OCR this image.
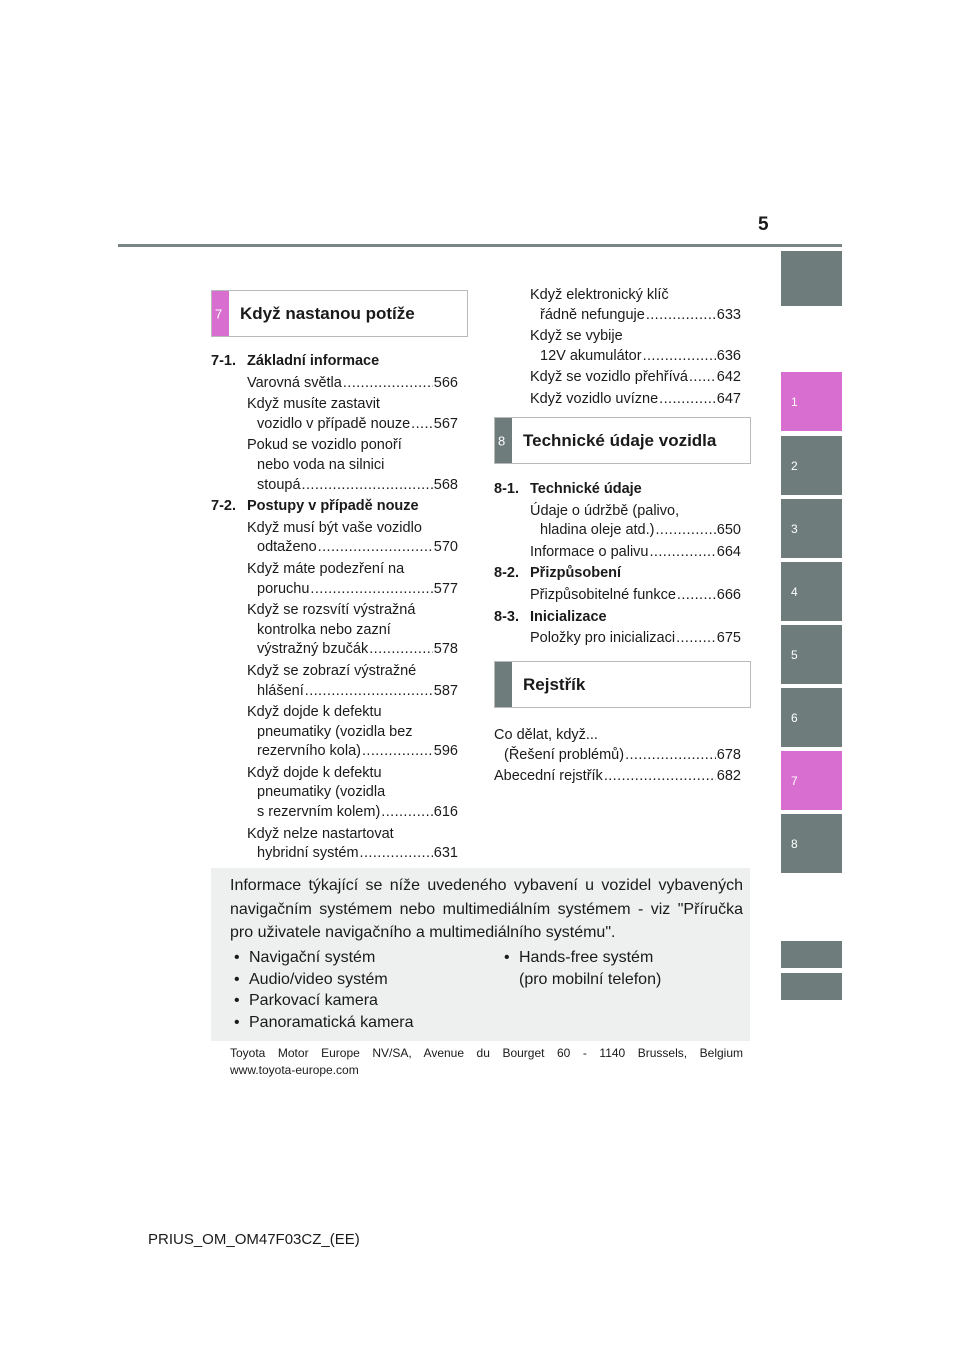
5
1
2
3
4
5
6
7
8
7 Když nastanou potíže
7-1. Základní informace
Varovná světla .....	566
Když musíte zastavit
vozidlo v případě nouze ..... 567
Pokud se vozidlo ponoří
nebo voda na silnici
stoupá .....	568
7-2. Postupy v případě nouze
Když musí být vaše vozidlo
odtaženo .....	570
Když máte podezření na
poruchu .....	577
Když se rozsvítí výstražná
kontrolka nebo zazní
výstražný bzučák .....	578
Když se zobrazí výstražné
hlášení .....	587
Když dojde k defektu
pneumatiky (vozidla bez
rezervního kola) .....	596
Když dojde k defektu
pneumatiky (vozidla
s rezervním kolem) .....	616
Když nelze nastartovat
hybridní systém .....	631
Když elektronický klíč
řádně nefunguje .....	633
Když se vybije
12V akumulátor .....	636
Když se vozidlo přehřívá ..... 642
Když vozidlo uvízne .....	647
8 Technické údaje vozidla
8-1. Technické údaje
Údaje o údržbě (palivo,
hladina oleje atd.) .....	650
Informace o palivu .....	664
8-2. Přizpůsobení
Přizpůsobitelné funkce .....	666
8-3. Inicializace
Položky pro inicializaci .....	675
Rejstřík
Co dělat, když...
(Řešení problémů) .....	678
Abecední rejstřík .....	682
Informace týkající se níže uvedeného vybavení u vozidel vybavených navigačním systémem nebo multimediálním systémem - viz "Příručka pro uživatele navigačního a multimediálního systému".
• Navigační systém
• Audio/video systém
• Parkovací kamera
• Panoramatická kamera
• Hands-free systém
(pro mobilní telefon)
Toyota Motor Europe NV/SA, Avenue du Bourget 60 - 1140 Brussels, Belgium
www.toyota-europe.com
PRIUS_OM_OM47F03CZ_(EE)
